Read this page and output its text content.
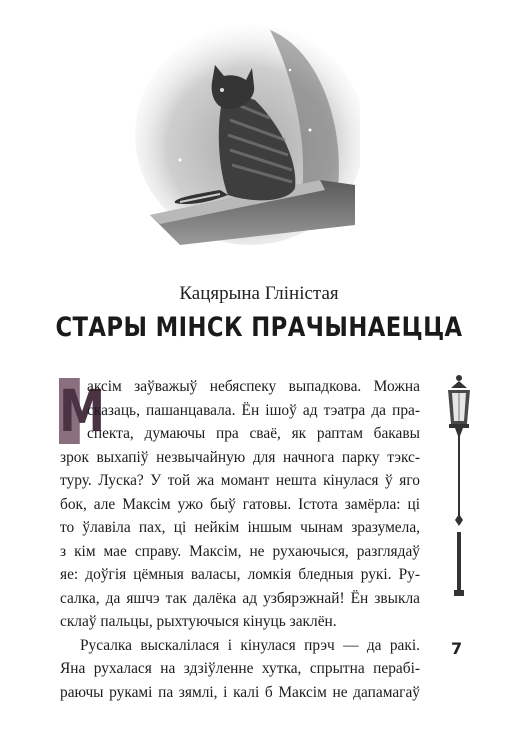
Кацярына Глiнiстая
СТАРЫ МIНСК ПРАЧЫНАЕЦЦА
М
аксiм заўважыў небяспеку выпадкова. Можна
сказаць, пашанцавала. Ён iшоў ад тэатра да пра-
спекта, думаючы пра сваё, як раптам бакавы
зрок выхапiў незвычайную для начнога парку тэкс-
туру. Луска? У той жа момант нешта кiнулася ў яго
бок, але Максiм ужо быў гатовы. Iстота замёрла: цi
то ўлавiла пах, цi нейкiм iншым чынам зразумела,
з кiм мае справу. Максiм, не рухаючыся, разглядаў
яе: доўгiя цёмныя валасы, ломкiя бледныя рукi. Ру-
салка, да яшчэ так далёка ад узбярэжнай! Ён звыкла
склаў пальцы, рыхтуючыся кiнуць заклён.
Русалка выскалiлася i кiнулася прэч — да ракi.
Яна рухалася на здзiўленне хутка, спрытна перабi-
раючы рукамi па зямлi, i калi б Максiм не дапамагаў
7
